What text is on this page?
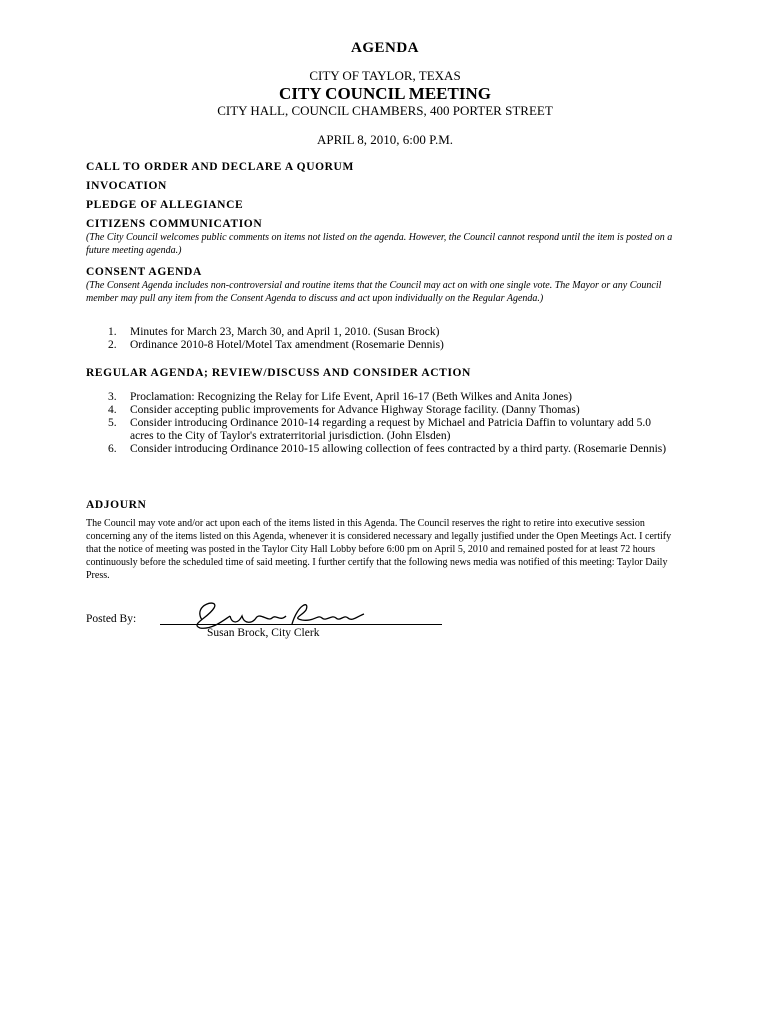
AGENDA
CITY OF TAYLOR, TEXAS
CITY COUNCIL MEETING
CITY HALL, COUNCIL CHAMBERS, 400 PORTER STREET
APRIL 8, 2010, 6:00 P.M.
CALL TO ORDER AND DECLARE A QUORUM
INVOCATION
PLEDGE OF ALLEGIANCE
CITIZENS COMMUNICATION
(The City Council welcomes public comments on items not listed on the agenda. However, the Council cannot respond until the item is posted on a future meeting agenda.)
CONSENT AGENDA
(The Consent Agenda includes non-controversial and routine items that the Council may act on with one single vote. The Mayor or any Council member may pull any item from the Consent Agenda to discuss and act upon individually on the Regular Agenda.)
1. Minutes for March 23, March 30, and April 1, 2010. (Susan Brock)
2. Ordinance 2010-8 Hotel/Motel Tax amendment (Rosemarie Dennis)
REGULAR AGENDA; REVIEW/DISCUSS AND CONSIDER ACTION
3. Proclamation: Recognizing the Relay for Life Event, April 16-17 (Beth Wilkes and Anita Jones)
4. Consider accepting public improvements for Advance Highway Storage facility. (Danny Thomas)
5. Consider introducing Ordinance 2010-14 regarding a request by Michael and Patricia Daffin to voluntary add 5.0 acres to the City of Taylor's extraterritorial jurisdiction. (John Elsden)
6. Consider introducing Ordinance 2010-15 allowing collection of fees contracted by a third party. (Rosemarie Dennis)
ADJOURN
The Council may vote and/or act upon each of the items listed in this Agenda. The Council reserves the right to retire into executive session concerning any of the items listed on this Agenda, whenever it is considered necessary and legally justified under the Open Meetings Act. I certify that the notice of meeting was posted in the Taylor City Hall Lobby before 6:00 pm on April 5, 2010 and remained posted for at least 72 hours continuously before the scheduled time of said meeting. I further certify that the following news media was notified of this meeting: Taylor Daily Press.
Posted By:
Susan Brock, City Clerk
